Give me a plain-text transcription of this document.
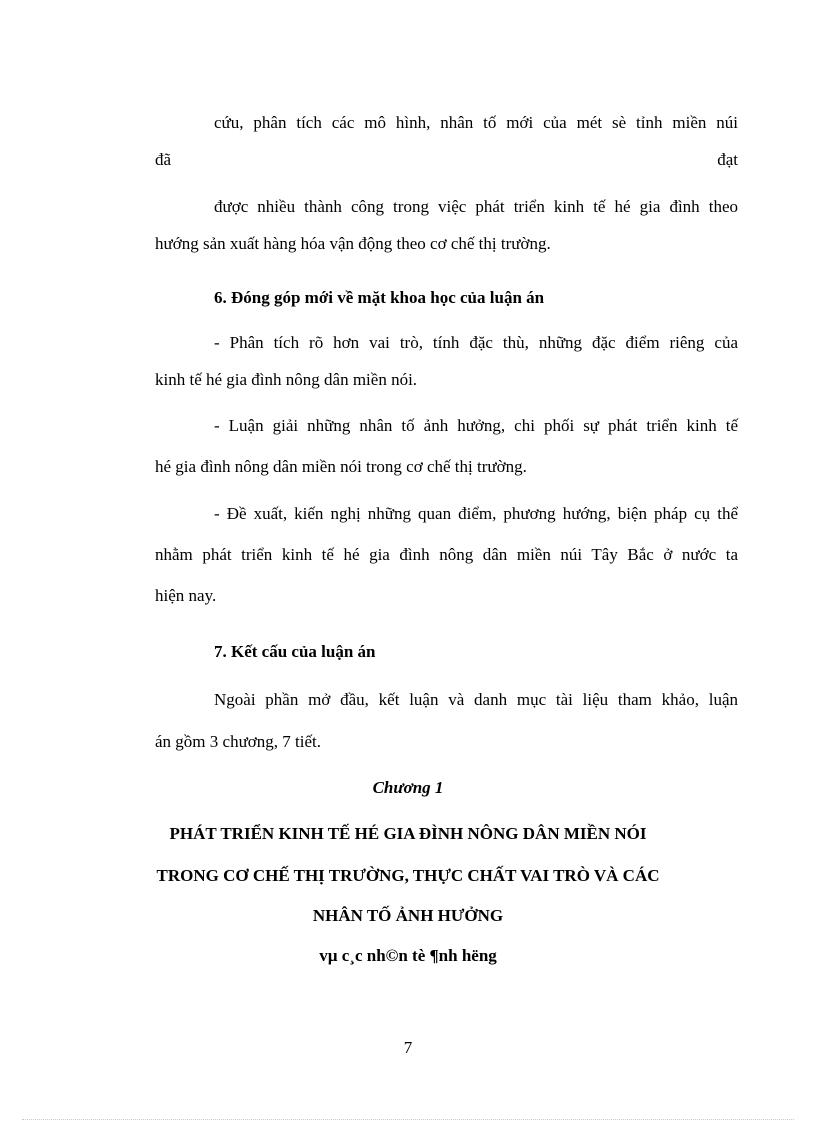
cứu, phân tích các mô hình, nhân tố mới của mét sè tỉnh miền núi
đã	đạt
được nhiều thành công trong việc phát triển kinh tế hé gia đình theo
hướng sản xuất hàng hóa vận động theo cơ chế thị trường.
6. Đóng góp mới về mặt khoa học của luận án
- Phân tích rõ hơn vai trò, tính đặc thù, những đặc điểm riêng của
kinh tế hé gia đình nông dân miền nói.
- Luận giải những nhân tố ảnh hưởng, chi phối sự phát triển kinh tế
hé gia đình nông dân miền nói trong cơ chế thị trường.
- Đề xuất, kiến nghị những quan điểm, phương hướng, biện pháp cụ thể
nhằm phát triển kinh tế hé gia đình nông dân miền núi Tây Bắc ở nước ta
hiện nay.
7. Kết cấu của luận án
Ngoài phần mở đầu, kết luận và danh mục tài liệu tham khảo, luận
án gồm 3 chương, 7 tiết.
Chương 1
PHÁT TRIỂN KINH TẾ HÉ GIA ĐÌNH NÔNG DÂN MIỀN NÓI
TRONG CƠ CHẾ THỊ TRƯỜNG, THỰC CHẤT VAI TRÒ VÀ CÁC
NHÂN TỐ ẢNH HƯỞNG
vµ c¸c nh©n tè ¶nh hëng
7
